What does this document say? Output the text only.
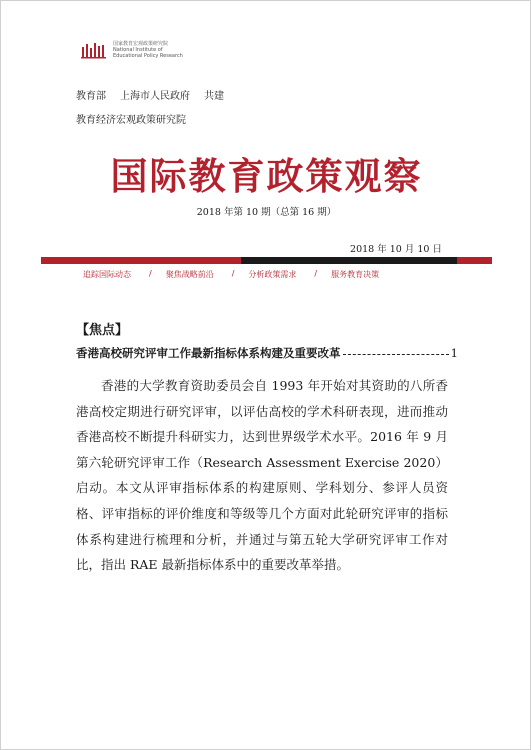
国家教育宏观政策研究院
National Institute of
Educational Policy Research
教育部 上海市人民政府 共建
教育经济宏观政策研究院
国际教育政策观察
2018 年第 10 期（总第 16 期）
2018 年 10 月 10 日
追踪国际动态 / 聚焦战略前沿 / 分析政策需求 / 服务教育决策
【焦点】
香港高校研究评审工作最新指标体系构建及重要改革	1

香港的大学教育资助委员会自 1993 年开始对其资助的八所香港高校定期进行研究评审，以评估高校的学术科研表现，进而推动香港高校不断提升科研实力，达到世界级学术水平。2016 年 9 月第六轮研究评审工作（Research Assessment Exercise 2020）启动。本文从评审指标体系的构建原则、学科划分、参评人员资格、评审指标的评价维度和等级等几个方面对此轮研究评审的指标体系构建进行梳理和分析，并通过与第五轮大学研究评审工作对比，指出 RAE 最新指标体系中的重要改革举措。
